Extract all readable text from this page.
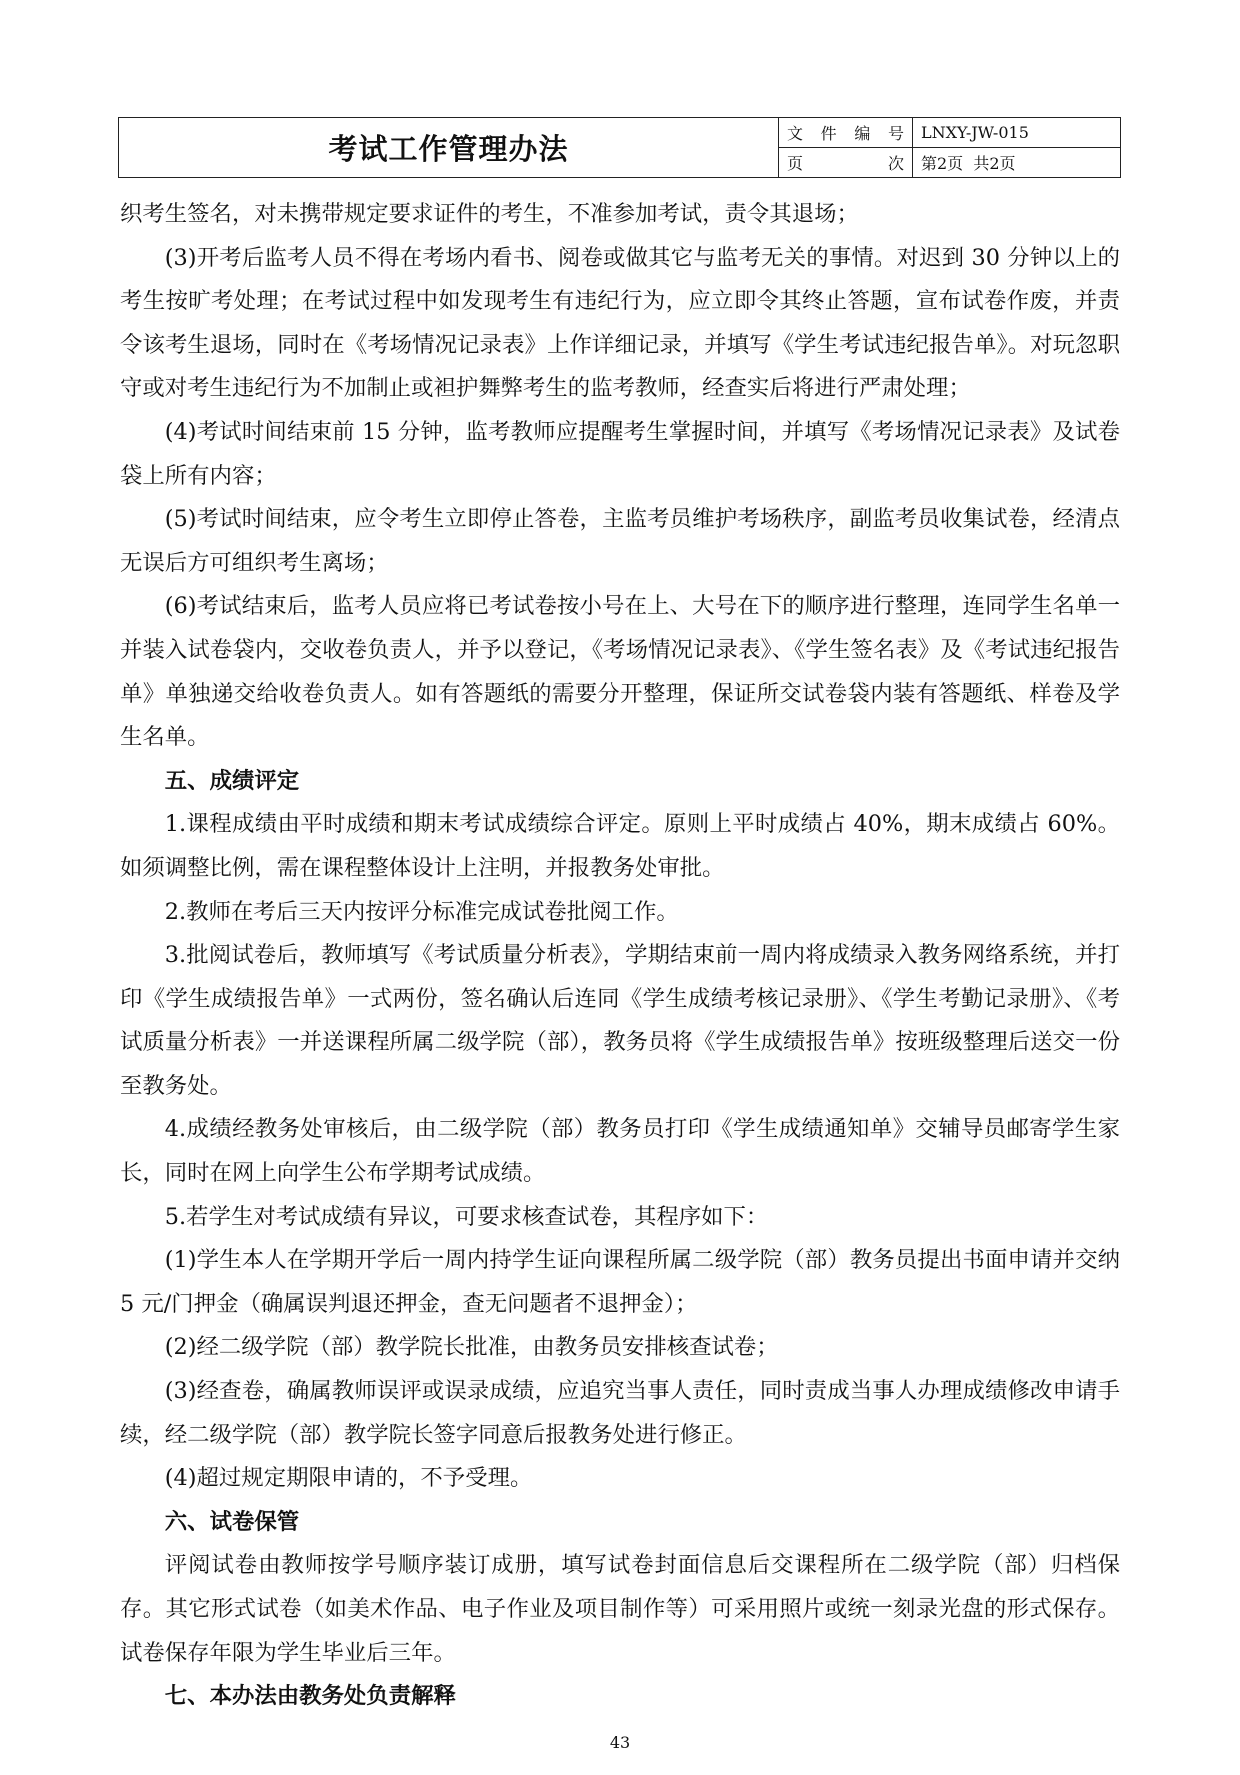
考试工作管理办法	文件编号	LNXY-JW-015
	页次	第2页  共2页

织考生签名，对未携带规定要求证件的考生，不准参加考试，责令其退场；

(3)开考后监考人员不得在考场内看书、阅卷或做其它与监考无关的事情。对迟到 30 分钟以上的考生按旷考处理；在考试过程中如发现考生有违纪行为，应立即令其终止答题，宣布试卷作废，并责令该考生退场，同时在《考场情况记录表》上作详细记录，并填写《学生考试违纪报告单》。对玩忽职守或对考生违纪行为不加制止或袒护舞弊考生的监考教师，经查实后将进行严肃处理；

(4)考试时间结束前 15 分钟，监考教师应提醒考生掌握时间，并填写《考场情况记录表》及试卷袋上所有内容；

(5)考试时间结束，应令考生立即停止答卷，主监考员维护考场秩序，副监考员收集试卷，经清点无误后方可组织考生离场；

(6)考试结束后，监考人员应将已考试卷按小号在上、大号在下的顺序进行整理，连同学生名单一并装入试卷袋内，交收卷负责人，并予以登记，《考场情况记录表》、《学生签名表》及《考试违纪报告单》单独递交给收卷负责人。如有答题纸的需要分开整理，保证所交试卷袋内装有答题纸、样卷及学生名单。

五、成绩评定

1.课程成绩由平时成绩和期末考试成绩综合评定。原则上平时成绩占 40%，期末成绩占 60%。如须调整比例，需在课程整体设计上注明，并报教务处审批。

2.教师在考后三天内按评分标准完成试卷批阅工作。

3.批阅试卷后，教师填写《考试质量分析表》，学期结束前一周内将成绩录入教务网络系统，并打印《学生成绩报告单》一式两份，签名确认后连同《学生成绩考核记录册》、《学生考勤记录册》、《考试质量分析表》一并送课程所属二级学院（部），教务员将《学生成绩报告单》按班级整理后送交一份至教务处。

4.成绩经教务处审核后，由二级学院（部）教务员打印《学生成绩通知单》交辅导员邮寄学生家长，同时在网上向学生公布学期考试成绩。

5.若学生对考试成绩有异议，可要求核查试卷，其程序如下：

(1)学生本人在学期开学后一周内持学生证向课程所属二级学院（部）教务员提出书面申请并交纳 5 元/门押金（确属误判退还押金，查无问题者不退押金）；

(2)经二级学院（部）教学院长批准，由教务员安排核查试卷；

(3)经查卷，确属教师误评或误录成绩，应追究当事人责任，同时责成当事人办理成绩修改申请手续，经二级学院（部）教学院长签字同意后报教务处进行修正。

(4)超过规定期限申请的，不予受理。

六、试卷保管

评阅试卷由教师按学号顺序装订成册，填写试卷封面信息后交课程所在二级学院（部）归档保存。其它形式试卷（如美术作品、电子作业及项目制作等）可采用照片或统一刻录光盘的形式保存。试卷保存年限为学生毕业后三年。

七、本办法由教务处负责解释
43
